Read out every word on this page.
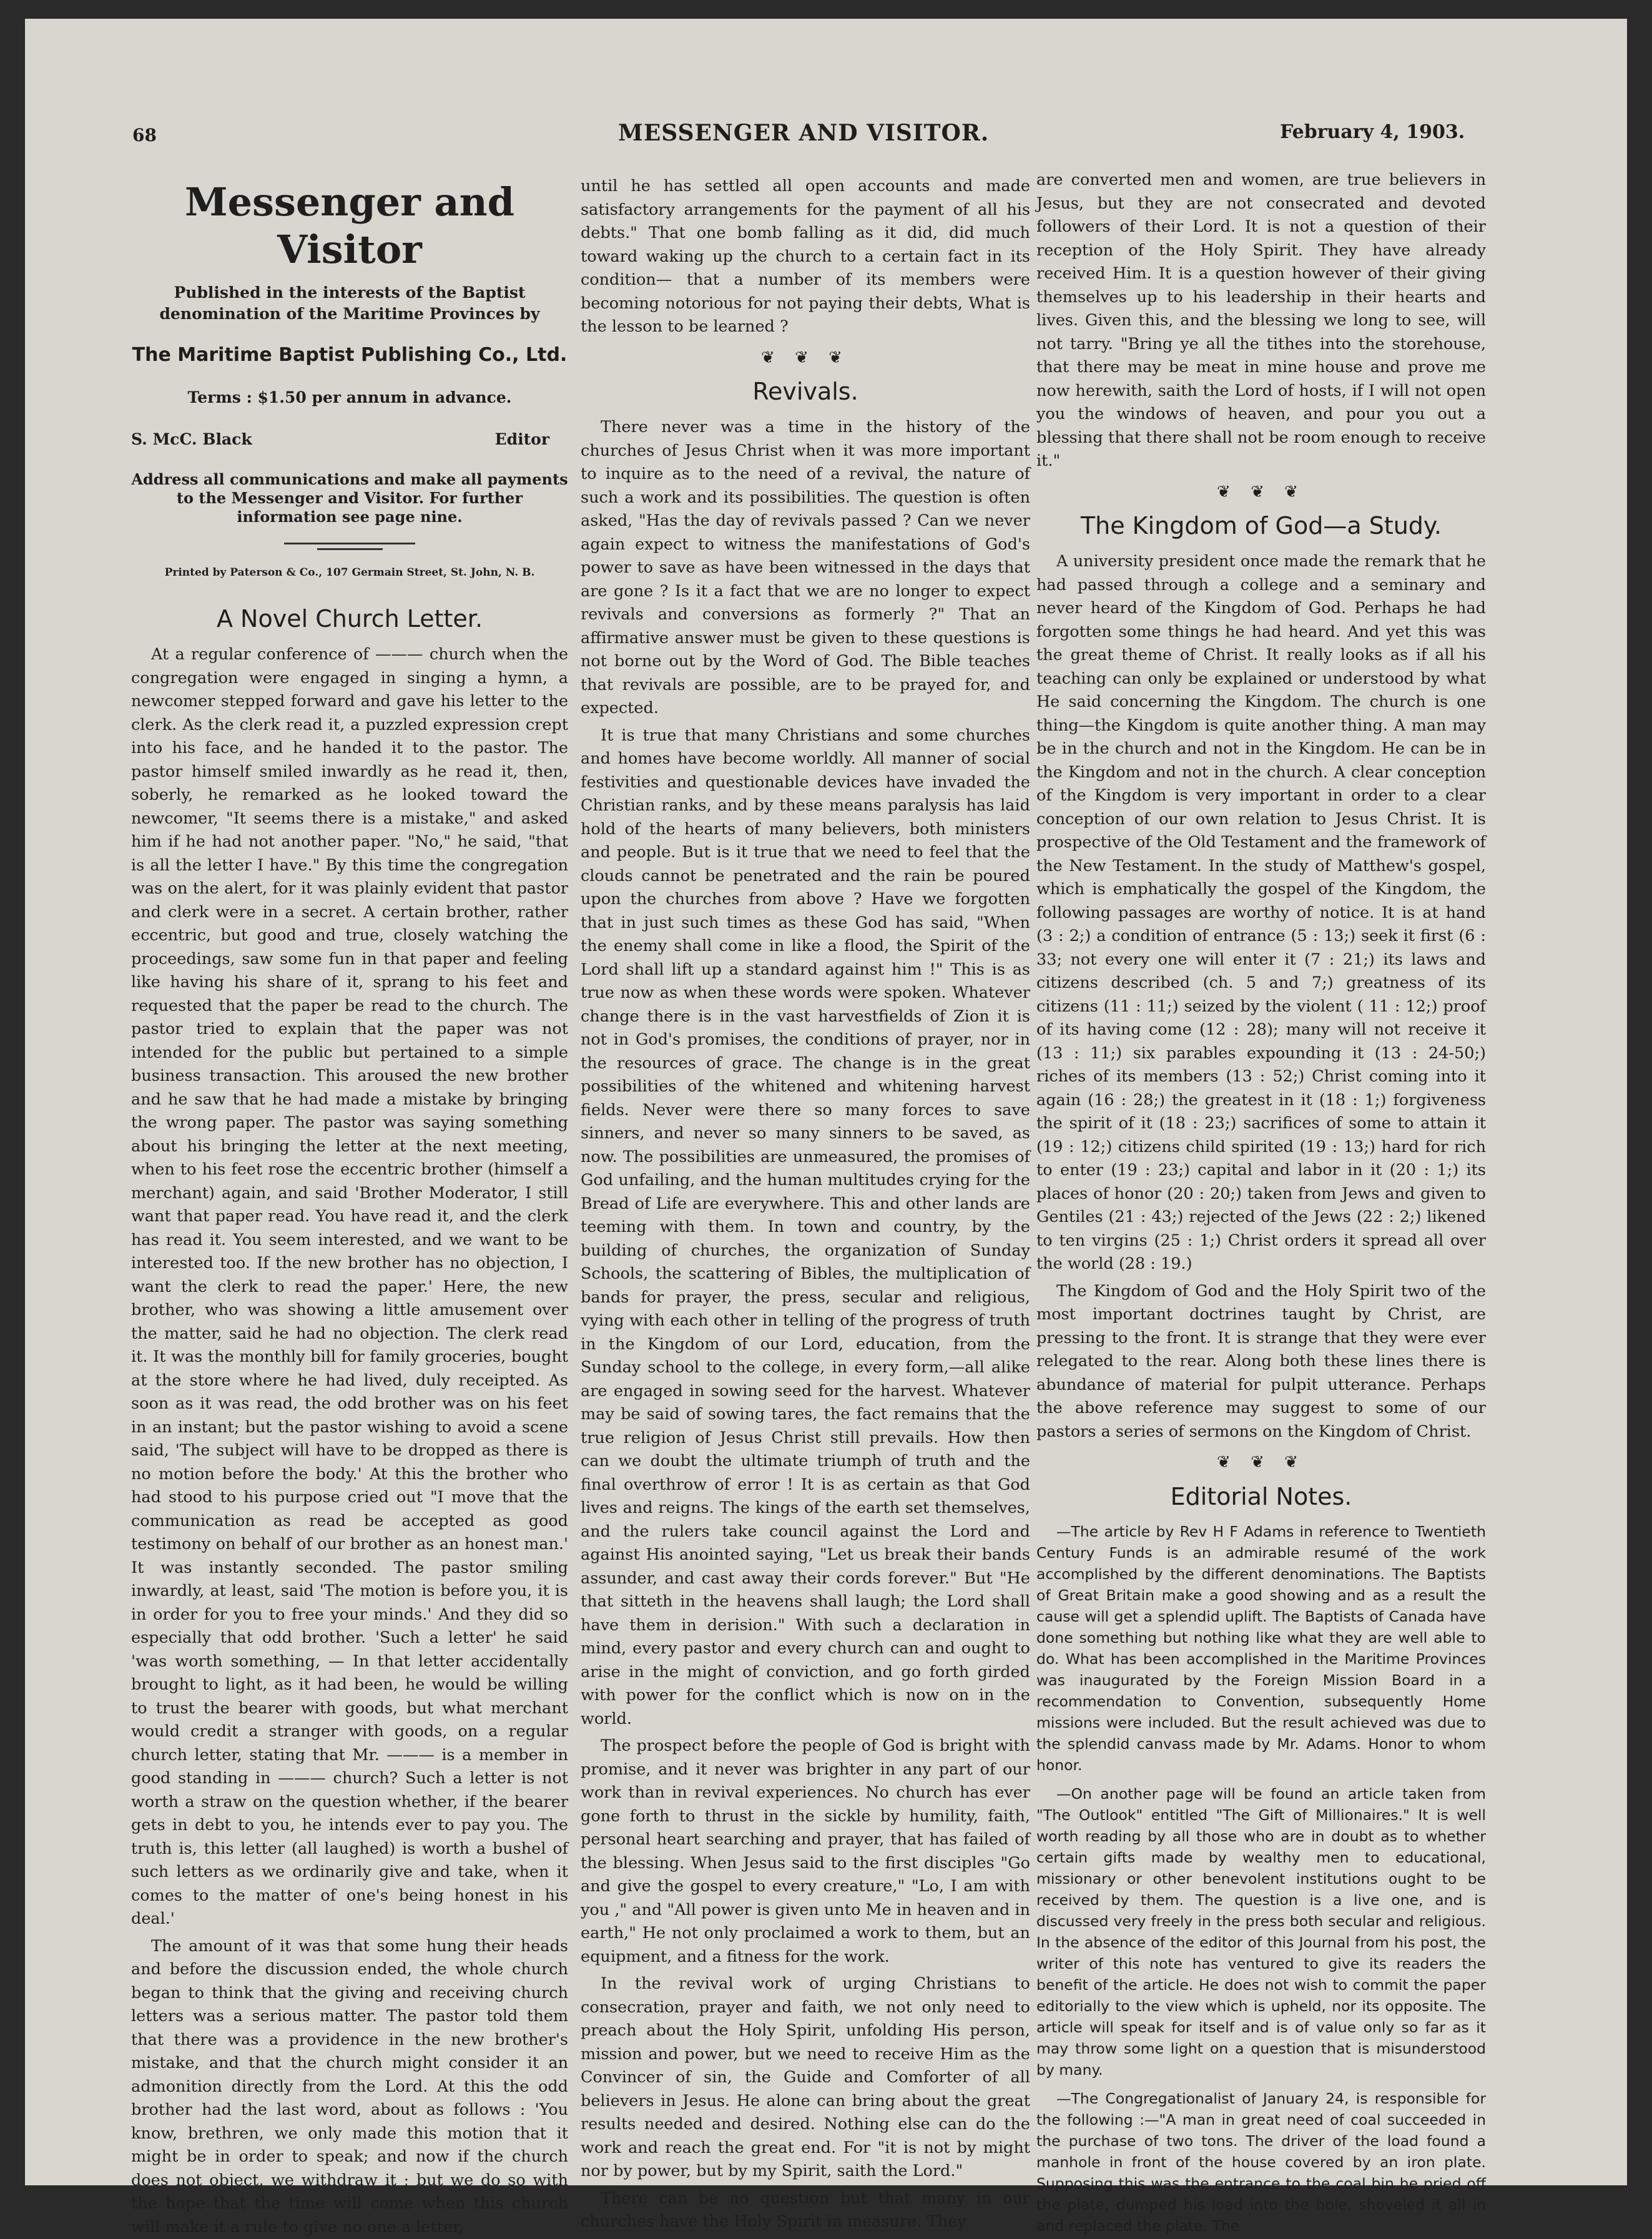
68	MESSENGER AND VISITOR.	February 4, 1903.
Messenger and Visitor
Published in the interests of the Baptist denomination of the Maritime Provinces by
The Maritime Baptist Publishing Co., Ltd.
Terms : $1.50 per annum in advance.
S. McC. Black	Editor
Address all communications and make all payments to the Messenger and Visitor. For further information see page nine.
Printed by Paterson & Co., 107 Germain Street, St. John, N. B.
A Novel Church Letter.

At a regular conference of ——— church when the congregation were engaged in singing a hymn, a newcomer stepped forward and gave his letter to the clerk. As the clerk read it, a puzzled expression crept into his face, and he handed it to the pastor. The pastor himself smiled inwardly as he read it, then, soberly, he remarked as he looked toward the newcomer, "It seems there is a mistake," and asked him if he had not another paper. "No," he said, "that is all the letter I have." By this time the congregation was on the alert, for it was plainly evident that pastor and clerk were in a secret. A certain brother, rather eccentric, but good and true, closely watching the proceedings, saw some fun in that paper and feeling like having his share of it, sprang to his feet and requested that the paper be read to the church. The pastor tried to explain that the paper was not intended for the public but pertained to a simple business transaction. This aroused the new brother and he saw that he had made a mistake by bringing the wrong paper. The pastor was saying something about his bringing the letter at the next meeting, when to his feet rose the eccentric brother (himself a merchant) again, and said 'Brother Moderator, I still want that paper read. You have read it, and the clerk has read it. You seem interested, and we want to be interested too. If the new brother has no objection, I want the clerk to read the paper.' Here, the new brother, who was showing a little amusement over the matter, said he had no objection. The clerk read it. It was the monthly bill for family groceries, bought at the store where he had lived, duly receipted. As soon as it was read, the odd brother was on his feet in an instant; but the pastor wishing to avoid a scene said, 'The subject will have to be dropped as there is no motion before the body.' At this the brother who had stood to his purpose cried out "I move that the communication as read be accepted as good testimony on behalf of our brother as an honest man.' It was instantly seconded. The pastor smiling inwardly, at least, said 'The motion is before you, it is in order for you to free your minds.' And they did so especially that odd brother. 'Such a letter' he said 'was worth something, — In that letter accidentally brought to light, as it had been, he would be willing to trust the bearer with goods, but what merchant would credit a stranger with goods, on a regular church letter, stating that Mr. ——— is a member in good standing in ——— church? Such a letter is not worth a straw on the question whether, if the bearer gets in debt to you, he intends ever to pay you. The truth is, this letter (all laughed) is worth a bushel of such letters as we ordinarily give and take, when it comes to the matter of one's being honest in his deal.'

The amount of it was that some hung their heads and before the discussion ended, the whole church began to think that the giving and receiving church letters was a serious matter. The pastor told them that there was a providence in the new brother's mistake, and that the church might consider it an admonition directly from the Lord. At this the odd brother had the last word, about as follows : 'You know, brethren, we only made this motion that it might be in order to speak; and now if the church does not object, we withdraw it ; but we do so with the hope that the time will come when this church will make it a rule to give no one a letter,

until he has settled all open accounts and made satisfactory arrangements for the payment of all his debts." That one bomb falling as it did, did much toward waking up the church to a certain fact in its condition— that a number of its members were becoming notorious for not paying their debts, What is the lesson to be learned ?

❦ ❦ ❦
Revivals.

There never was a time in the history of the churches of Jesus Christ when it was more important to inquire as to the need of a revival, the nature of such a work and its possibilities. The question is often asked, "Has the day of revivals passed ? Can we never again expect to witness the manifestations of God's power to save as have been witnessed in the days that are gone ? Is it a fact that we are no longer to expect revivals and conversions as formerly ?" That an affirmative answer must be given to these questions is not borne out by the Word of God. The Bible teaches that revivals are possible, are to be prayed for, and expected.

It is true that many Christians and some churches and homes have become worldly. All manner of social festivities and questionable devices have invaded the Christian ranks, and by these means paralysis has laid hold of the hearts of many believers, both ministers and people. But is it true that we need to feel that the clouds cannot be penetrated and the rain be poured upon the churches from above ? Have we forgotten that in just such times as these God has said, "When the enemy shall come in like a flood, the Spirit of the Lord shall lift up a standard against him !" This is as true now as when these words were spoken. Whatever change there is in the vast harvestfields of Zion it is not in God's promises, the conditions of prayer, nor in the resources of grace. The change is in the great possibilities of the whitened and whitening harvest fields. Never were there so many forces to save sinners, and never so many sinners to be saved, as now. The possibilities are unmeasured, the promises of God unfailing, and the human multitudes crying for the Bread of Life are everywhere. This and other lands are teeming with them. In town and country, by the building of churches, the organization of Sunday Schools, the scattering of Bibles, the multiplication of bands for prayer, the press, secular and religious, vying with each other in telling of the progress of truth in the Kingdom of our Lord, education, from the Sunday school to the college, in every form,—all alike are engaged in sowing seed for the harvest. Whatever may be said of sowing tares, the fact remains that the true religion of Jesus Christ still prevails. How then can we doubt the ultimate triumph of truth and the final overthrow of error ! It is as certain as that God lives and reigns. The kings of the earth set themselves, and the rulers take council against the Lord and against His anointed saying, "Let us break their bands assunder, and cast away their cords forever." But "He that sitteth in the heavens shall laugh; the Lord shall have them in derision." With such a declaration in mind, every pastor and every church can and ought to arise in the might of conviction, and go forth girded with power for the conflict which is now on in the world.

The prospect before the people of God is bright with promise, and it never was brighter in any part of our work than in revival experiences. No church has ever gone forth to thrust in the sickle by humility, faith, personal heart searching and prayer, that has failed of the blessing. When Jesus said to the first disciples "Go and give the gospel to every creature," "Lo, I am with you ," and "All power is given unto Me in heaven and in earth," He not only proclaimed a work to them, but an equipment, and a fitness for the work.

In the revival work of urging Christians to consecration, prayer and faith, we not only need to preach about the Holy Spirit, unfolding His person, mission and power, but we need to receive Him as the Convincer of sin, the Guide and Comforter of all believers in Jesus. He alone can bring about the great results needed and desired. Nothing else can do the work and reach the great end. For "it is not by might nor by power, but by my Spirit, saith the Lord."

There can be no question but that many in our churches have the Holy Spirit in measure. They

are converted men and women, are true believers in Jesus, but they are not consecrated and devoted followers of their Lord. It is not a question of their reception of the Holy Spirit. They have already received Him. It is a question however of their giving themselves up to his leadership in their hearts and lives. Given this, and the blessing we long to see, will not tarry. "Bring ye all the tithes into the storehouse, that there may be meat in mine house and prove me now herewith, saith the Lord of hosts, if I will not open you the windows of heaven, and pour you out a blessing that there shall not be room enough to receive it."

❦ ❦ ❦
The Kingdom of God—a Study.

A university president once made the remark that he had passed through a college and a seminary and never heard of the Kingdom of God. Perhaps he had forgotten some things he had heard. And yet this was the great theme of Christ. It really looks as if all his teaching can only be explained or understood by what He said concerning the Kingdom. The church is one thing—the Kingdom is quite another thing. A man may be in the church and not in the Kingdom. He can be in the Kingdom and not in the church. A clear conception of the Kingdom is very important in order to a clear conception of our own relation to Jesus Christ. It is prospective of the Old Testament and the framework of the New Testament. In the study of Matthew's gospel, which is emphatically the gospel of the Kingdom, the following passages are worthy of notice. It is at hand (3 : 2;) a condition of entrance (5 : 13;) seek it first (6 : 33; not every one will enter it (7 : 21;) its laws and citizens described (ch. 5 and 7;) greatness of its citizens (11 : 11;) seized by the violent ( 11 : 12;) proof of its having come (12 : 28); many will not receive it (13 : 11;) six parables expounding it (13 : 24-50;) riches of its members (13 : 52;) Christ coming into it again (16 : 28;) the greatest in it (18 : 1;) forgiveness the spirit of it (18 : 23;) sacrifices of some to attain it (19 : 12;) citizens child spirited (19 : 13;) hard for rich to enter (19 : 23;) capital and labor in it (20 : 1;) its places of honor (20 : 20;) taken from Jews and given to Gentiles (21 : 43;) rejected of the Jews (22 : 2;) likened to ten virgins (25 : 1;) Christ orders it spread all over the world (28 : 19.)

The Kingdom of God and the Holy Spirit two of the most important doctrines taught by Christ, are pressing to the front. It is strange that they were ever relegated to the rear. Along both these lines there is abundance of material for pulpit utterance. Perhaps the above reference may suggest to some of our pastors a series of sermons on the Kingdom of Christ.

❦ ❦ ❦
Editorial Notes.

—The article by Rev H F Adams in reference to Twentieth Century Funds is an admirable resumé of the work accomplished by the different denominations. The Baptists of Great Britain make a good showing and as a result the cause will get a splendid uplift. The Baptists of Canada have done something but nothing like what they are well able to do. What has been accomplished in the Maritime Provinces was inaugurated by the Foreign Mission Board in a recommendation to Convention, subsequently Home missions were included. But the result achieved was due to the splendid canvass made by Mr. Adams. Honor to whom honor.

—On another page will be found an article taken from "The Outlook" entitled "The Gift of Millionaires." It is well worth reading by all those who are in doubt as to whether certain gifts made by wealthy men to educational, missionary or other benevolent institutions ought to be received by them. The question is a live one, and is discussed very freely in the press both secular and religious. In the absence of the editor of this Journal from his post, the writer of this note has ventured to give its readers the benefit of the article. He does not wish to commit the paper editorially to the view which is upheld, nor its opposite. The article will speak for itself and is of value only so far as it may throw some light on a question that is misunderstood by many.

—The Congregationalist of January 24, is responsible for the following :—"A man in great need of coal succeeded in the purchase of two tons. The driver of the load found a manhole in front of the house covered by an iron plate. Supposing this was the entrance to the coal bin he pried off the plate, dumped his load into the hole, shoveled it all in and replaced the plate. The
